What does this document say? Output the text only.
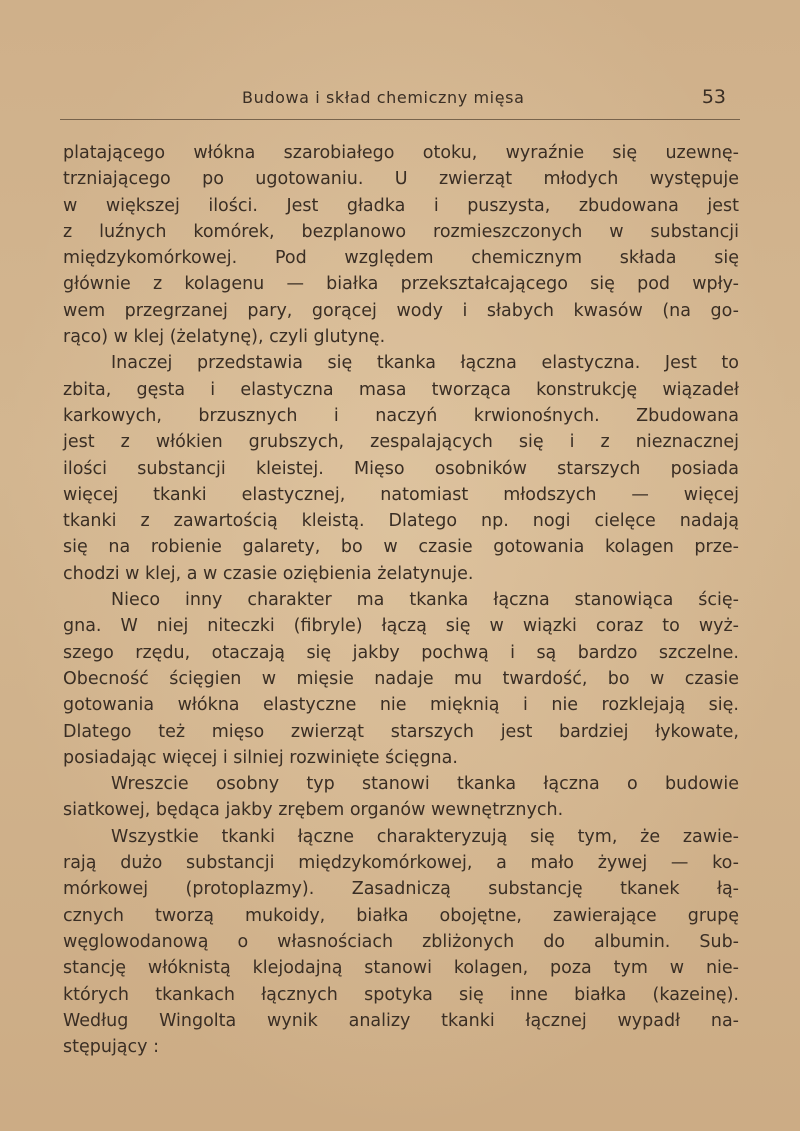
Budowa i skład chemiczny mięsa	53
platającego włókna szarobiałego otoku, wyraźnie się uzewnę-
trzniającego po ugotowaniu. U zwierząt młodych występuje
w większej ilości. Jest gładka i puszysta, zbudowana jest
z luźnych komórek, bezplanowo rozmieszczonych w substancji
międzykomórkowej. Pod względem chemicznym składa się
głównie z kolagenu — białka przekształcającego się pod wpły-
wem przegrzanej pary, gorącej wody i słabych kwasów (na go-
rąco) w klej (żelatynę), czyli glutynę.
Inaczej przedstawia się tkanka łączna elastyczna. Jest to
zbita, gęsta i elastyczna masa tworząca konstrukcję wiązadeł
karkowych, brzusznych i naczyń krwionośnych. Zbudowana
jest z włókien grubszych, zespalających się i z nieznacznej
ilości substancji kleistej. Mięso osobników starszych posiada
więcej tkanki elastycznej, natomiast młodszych — więcej
tkanki z zawartością kleistą. Dlatego np. nogi cielęce nadają
się na robienie galarety, bo w czasie gotowania kolagen prze-
chodzi w klej, a w czasie oziębienia żelatynuje.
Nieco inny charakter ma tkanka łączna stanowiąca ścię-
gna. W niej niteczki (fibryle) łączą się w wiązki coraz to wyż-
szego rzędu, otaczają się jakby pochwą i są bardzo szczelne.
Obecność ścięgien w mięsie nadaje mu twardość, bo w czasie
gotowania włókna elastyczne nie mięknią i nie rozklejają się.
Dlatego też mięso zwierząt starszych jest bardziej łykowate,
posiadając więcej i silniej rozwinięte ścięgna.
Wreszcie osobny typ stanowi tkanka łączna o budowie
siatkowej, będąca jakby zrębem organów wewnętrznych.
Wszystkie tkanki łączne charakteryzują się tym, że zawie-
rają dużo substancji międzykomórkowej, a mało żywej — ko-
mórkowej (protoplazmy). Zasadniczą substancję tkanek łą-
cznych tworzą mukoidy, białka obojętne, zawierające grupę
węglowodanową o własnościach zbliżonych do albumin. Sub-
stancję włóknistą klejodajną stanowi kolagen, poza tym w nie-
których tkankach łącznych spotyka się inne białka (kazeinę).
Według Wingolta wynik analizy tkanki łącznej wypadł na-
stępujący :
